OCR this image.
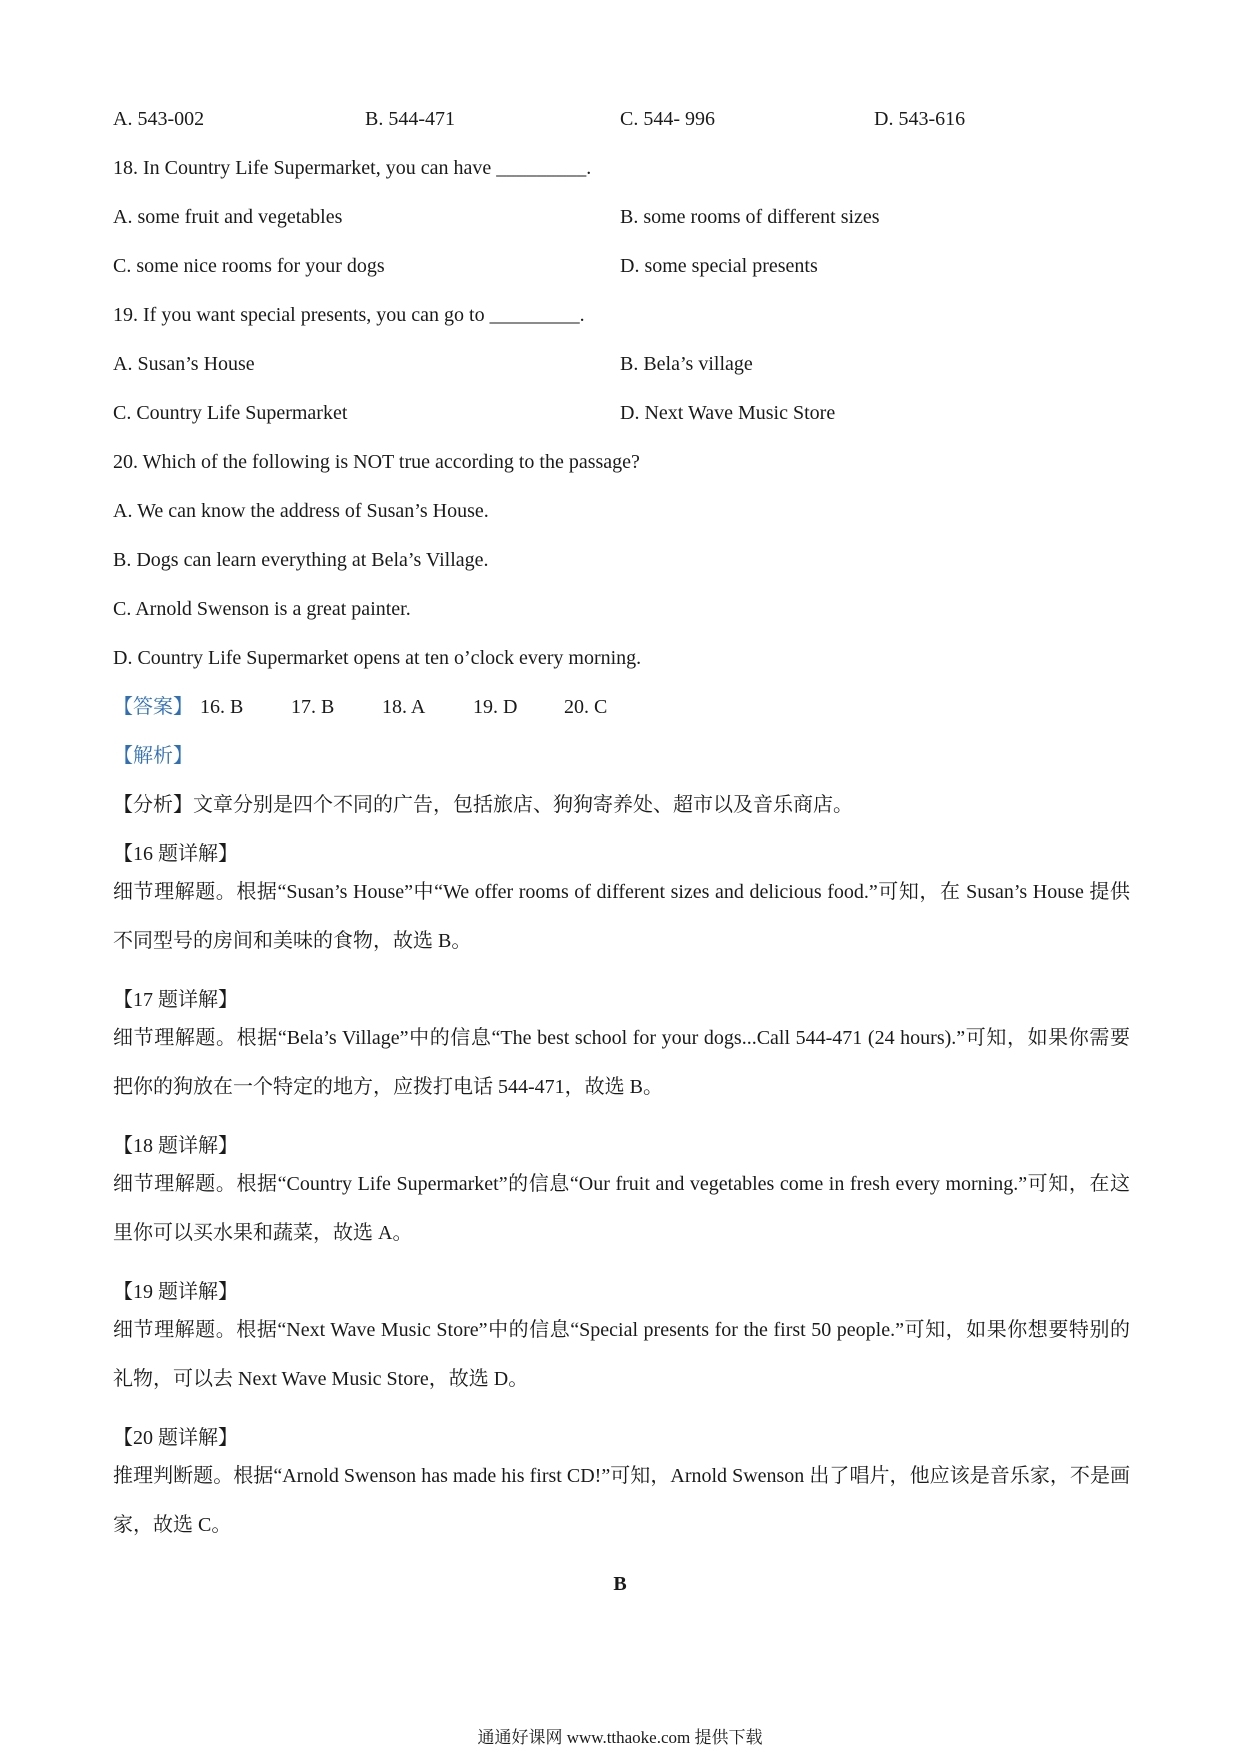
A. 543-002	B. 544-471	C. 544- 996	D. 543-616
18. In Country Life Supermarket, you can have _________.
A. some fruit and vegetables	B. some rooms of different sizes
C. some nice rooms for your dogs	D. some special presents
19. If you want special presents, you can go to _________.
A. Susan’s House	B. Bela’s village
C. Country Life Supermarket	D. Next Wave Music Store
20. Which of the following is NOT true according to the passage?
A. We can know the address of Susan’s House.
B. Dogs can learn everything at Bela’s Village.
C. Arnold Swenson is a great painter.
D. Country Life Supermarket opens at ten o’clock every morning.
【答案】 16. B 17. B 18. A 19. D 20. C
【解析】
【分析】文章分别是四个不同的广告，包括旅店、狗狗寄养处、超市以及音乐商店。
【16 题详解】
细节理解题。根据“Susan’s House”中“We offer rooms of different sizes and delicious food.”可知，在 Susan’s House 提供不同型号的房间和美味的食物，故选 B。
【17 题详解】
细节理解题。根据“Bela’s Village”中的信息“The best school for your dogs...Call 544-471 (24 hours).”可知，如果你需要把你的狗放在一个特定的地方，应拨打电话 544-471，故选 B。
【18 题详解】
细节理解题。根据“Country Life Supermarket”的信息“Our fruit and vegetables come in fresh every morning.”可知，在这里你可以买水果和蔬菜，故选 A。
【19 题详解】
细节理解题。根据“Next Wave Music Store”中的信息“Special presents for the first 50 people.”可知，如果你想要特别的礼物，可以去 Next Wave Music Store，故选 D。
【20 题详解】
推理判断题。根据“Arnold Swenson has made his first CD!”可知，Arnold Swenson 出了唱片，他应该是音乐家，不是画家，故选 C。
B
通通好课网 www.tthaoke.com 提供下载
